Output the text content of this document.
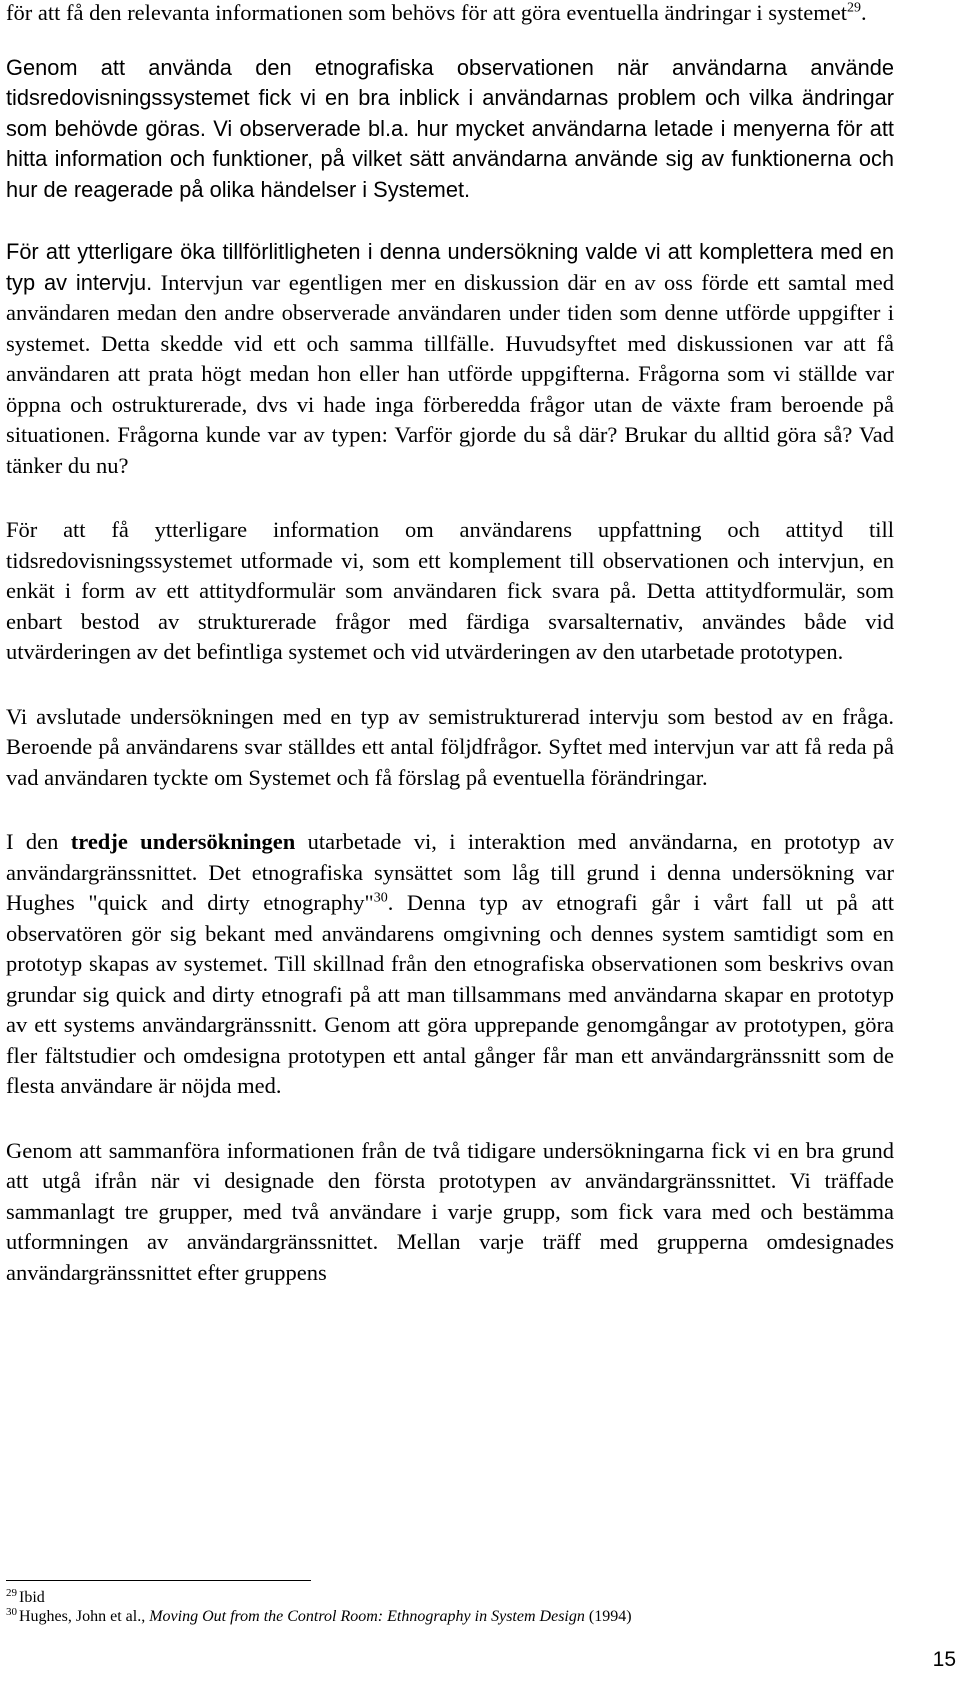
för att få den relevanta informationen som behövs för att göra eventuella ändringar i systemet$^{29}$.

Genom att använda den etnografiska observationen när användarna använde tidsredovisningssystemet fick vi en bra inblick i användarnas problem och vilka ändringar som behövde göras. Vi observerade bl.a. hur mycket användarna letade i menyerna för att hitta information och funktioner, på vilket sätt användarna använde sig av funktionerna och hur de reagerade på olika händelser i Systemet.

För att ytterligare öka tillförlitligheten i denna undersökning valde vi att komplettera med en typ av intervju. Intervjun var egentligen mer en diskussion där en av oss förde ett samtal med användaren medan den andre observerade användaren under tiden som denne utförde uppgifter i systemet. Detta skedde vid ett och samma tillfälle. Huvudsyftet med diskussionen var att få användaren att prata högt medan hon eller han utförde uppgifterna. Frågorna som vi ställde var öppna och ostrukturerade, dvs vi hade inga förberedda frågor utan de växte fram beroende på situationen. Frågorna kunde var av typen: Varför gjorde du så där? Brukar du alltid göra så? Vad tänker du nu?

För att få ytterligare information om användarens uppfattning och attityd till tidsredovisningssystemet utformade vi, som ett komplement till observationen och intervjun, en enkät i form av ett attitydformulär som användaren fick svara på. Detta attitydformulär, som enbart bestod av strukturerade frågor med färdiga svarsalternativ, användes både vid utvärderingen av det befintliga systemet och vid utvärderingen av den utarbetade prototypen.

Vi avslutade undersökningen med en typ av semistrukturerad intervju som bestod av en fråga. Beroende på användarens svar ställdes ett antal följdfrågor. Syftet med intervjun var att få reda på vad användaren tyckte om Systemet och få förslag på eventuella förändringar.

I den tredje undersökningen utarbetade vi, i interaktion med användarna, en prototyp av användargränssnittet. Det etnografiska synsättet som låg till grund i denna undersökning var Hughes "quick and dirty etnography"$^{30}$. Denna typ av etnografi går i vårt fall ut på att observatören gör sig bekant med användarens omgivning och dennes system samtidigt som en prototyp skapas av systemet. Till skillnad från den etnografiska observationen som beskrivs ovan grundar sig quick and dirty etnografi på att man tillsammans med användarna skapar en prototyp av ett systems användargränssnitt. Genom att göra upprepande genomgångar av prototypen, göra fler fältstudier och omdesigna prototypen ett antal gånger får man ett användargränssnitt som de flesta användare är nöjda med.

Genom att sammanföra informationen från de två tidigare undersökningarna fick vi en bra grund att utgå ifrån när vi designade den första prototypen av användargränssnittet. Vi träffade sammanlagt tre grupper, med två användare i varje grupp, som fick vara med och bestämma utformningen av användargränssnittet. Mellan varje träff med grupperna omdesignades användargränssnittet efter gruppens

$^{29}$ Ibid

$^{30}$ Hughes, John et al., Moving Out from the Control Room: Ethnography in System Design (1994)

15
